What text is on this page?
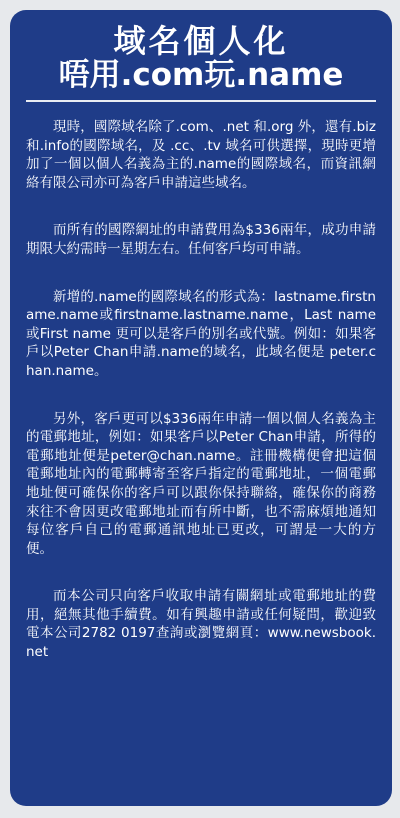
域名個人化
唔用.com玩.name

現時，國際域名除了.com、.net 和.org 外，還有.biz和.info的國際域名，及 .cc、.tv 域名可供選擇，現時更增加了一個以個人名義為主的.name的國際域名，而資訊網絡有限公司亦可為客戶申請這些域名。

而所有的國際網址的申請費用為$336兩年，成功申請期限大約需時一星期左右。任何客戶均可申請。

新增的.name的國際域名的形式為：lastname.firstname.name或firstname.lastname.name，Last name 或First name 更可以是客戶的別名或代號。例如：如果客戶以Peter Chan申請.name的域名，此域名便是 peter.chan.name。

另外，客戶更可以$336兩年申請一個以個人名義為主的電郵地址，例如：如果客戶以Peter Chan申請，所得的電郵地址便是peter@chan.name。註冊機構便會把這個電郵地址內的電郵轉寄至客戶指定的電郵地址，一個電郵地址便可確保你的客戶可以跟你保持聯絡，確保你的商務來往不會因更改電郵地址而有所中斷，也不需麻煩地通知每位客戶自己的電郵通訊地址已更改，可謂是一大的方便。

而本公司只向客戶收取申請有關網址或電郵地址的費用，絕無其他手續費。如有興趣申請或任何疑問，歡迎致電本公司2782 0197查詢或瀏覽網頁：www.newsbook.net
